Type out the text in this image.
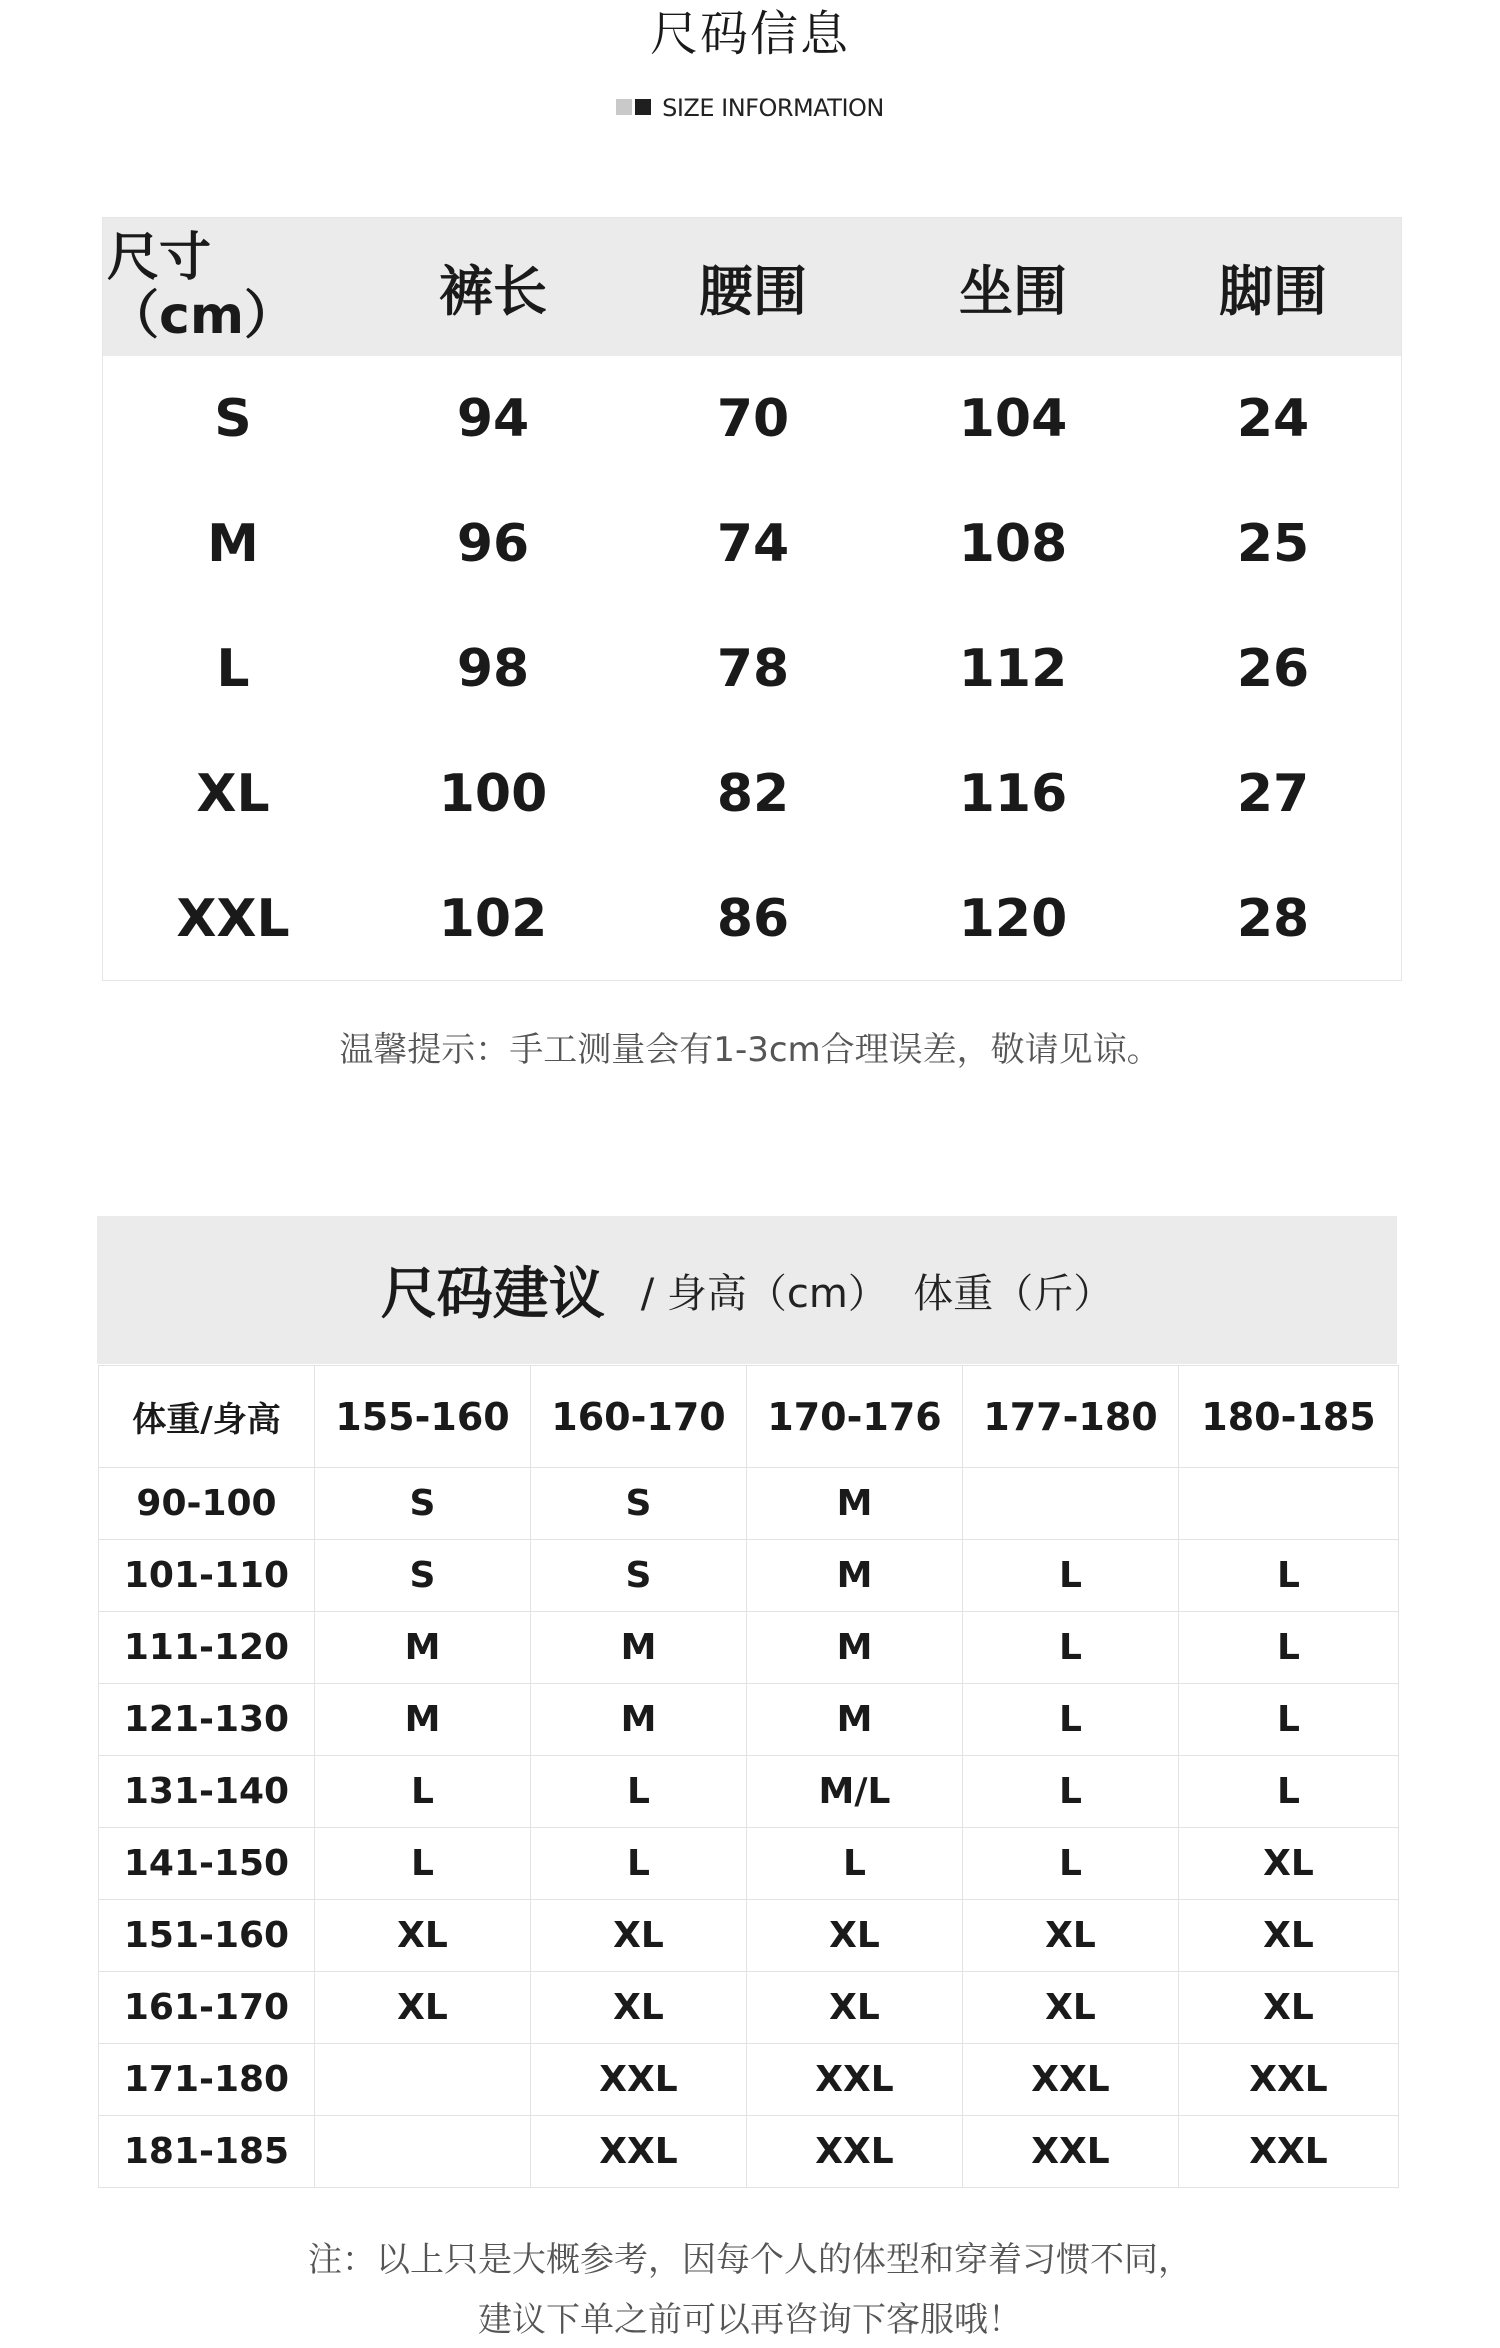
尺码信息
SIZE INFORMATION
尺寸（cm）	裤长	腰围	坐围	脚围
S	94	70	104	24
M	96	74	108	25
L	98	78	112	26
XL	100	82	116	27
XXL	102	86	120	28
温馨提示：手工测量会有1-3cm合理误差，敬请见谅。
尺码建议 / 身高（cm）  体重（斤）
体重/身高	155-160	160-170	170-176	177-180	180-185
90-100	S	S	M		
101-110	S	S	M	L	L
111-120	M	M	M	L	L
121-130	M	M	M	L	L
131-140	L	L	M/L	L	L
141-150	L	L	L	L	XL
151-160	XL	XL	XL	XL	XL
161-170	XL	XL	XL	XL	XL
171-180		XXL	XXL	XXL	XXL
181-185		XXL	XXL	XXL	XXL
注：以上只是大概参考，因每个人的体型和穿着习惯不同，
建议下单之前可以再咨询下客服哦！
